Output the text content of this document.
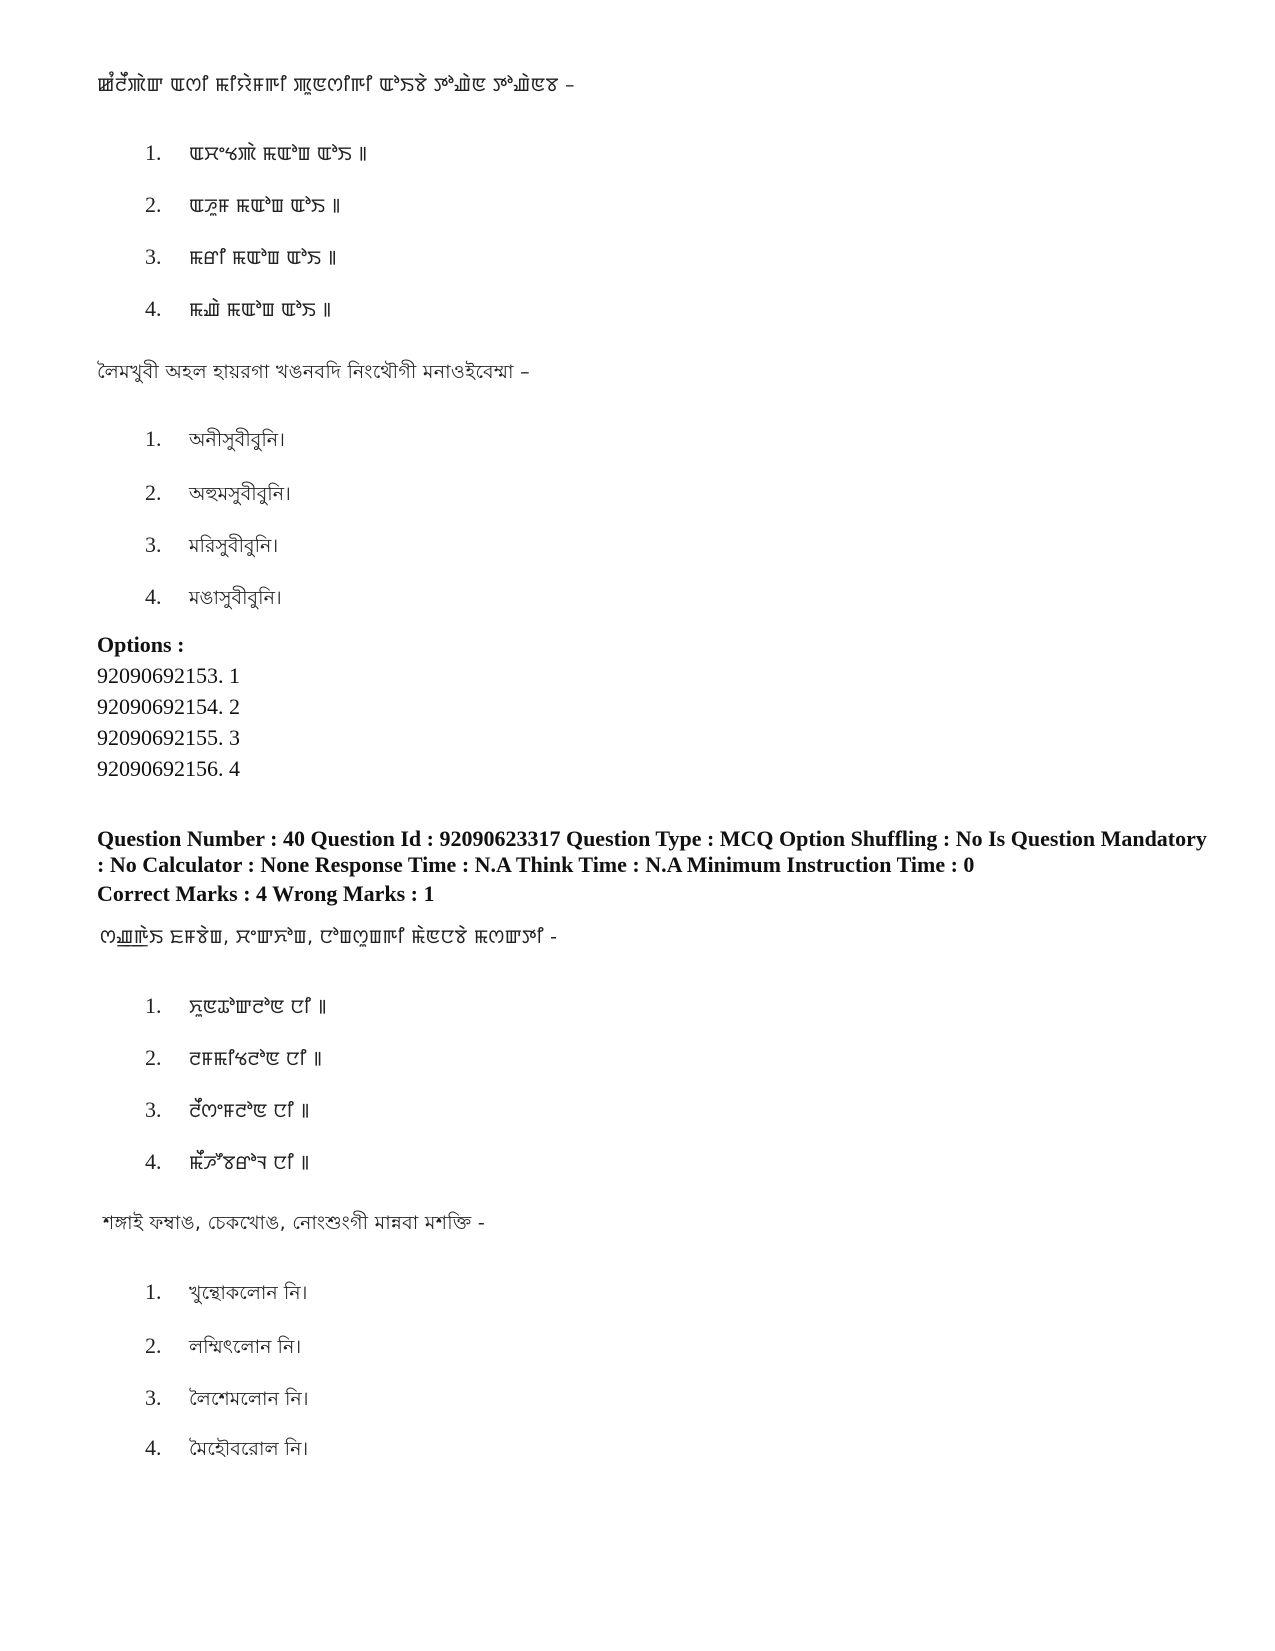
ꯀꯪꯂꯩꯄꯥꯛ ꯑꯁꯤ ꯃꯤꯌꯥꯝꯒꯤ ꯄꯨꯟꯁꯤꯒꯤ ꯑꯣꯏꯕꯥ ꯇꯣꯉꯥꯟ ꯇꯣꯉꯥꯟꯕ –
1. ꯑꯆꯦꯠꯄꯥ ꯃꯑꯣꯡ ꯑꯣꯏ ꯫
2. ꯑꯍꯨꯝ ꯃꯑꯣꯡ ꯑꯣꯏ ꯫
3. ꯃꯔꯤ ꯃꯑꯣꯡ ꯑꯣꯏ ꯫
4. ꯃꯉꯥ ꯃꯑꯣꯡ ꯑꯣꯏ ꯫
লৈমখুবী অহল হায়রগা খঙনবদি নিংথৌগী মনাওইবেম্মা –
1. অনীসুবীবুনি।
2. অহুমসুবীবুনি।
3. মরিসুবীবুনি।
4. মঙাসুবীবুনি।
Options :
92090692153. 1
92090692154. 2
92090692155. 3
92090692156. 4
Question Number : 40 Question Id : 92090623317 Question Type : MCQ Option Shuffling : No Is Question Mandatory : No Calculator : None Response Time : N.A Think Time : N.A Minimum Instruction Time : 0
Correct Marks : 4 Wrong Marks : 1
ꯁꯉ꯭ꯒꯥꯏ ꯐꯝꯕꯥꯡ, ꯆꯦꯛꯈꯣꯡ, ꯅꯣꯡꯁꯨꯡꯒꯤ ꯃꯥꯟꯅꯕꯥ ꯃꯁꯛꯇꯤ -
1. ꯈꯨꯟꯊꯣꯛꯂꯣꯟ ꯅꯤ ꯫
2. ꯂꯝꯃꯤꯠꯂꯣꯟ ꯅꯤ ꯫
3. ꯂꯩꯁꯦꯝꯂꯣꯟ ꯅꯤ ꯫
4. ꯃꯩꯍꯧꯕꯔꯣꯜ ꯅꯤ ꯫
শঙ্গাই ফম্বাঙ, চেকখোঙ, নোংশুংগী মান্নবা মশক্তি -
1. খুন্থোকলোন নি।
2. লম্মিৎলোন নি।
3. লৈশেমলোন নি।
4. মৈহৌবরোল নি।
